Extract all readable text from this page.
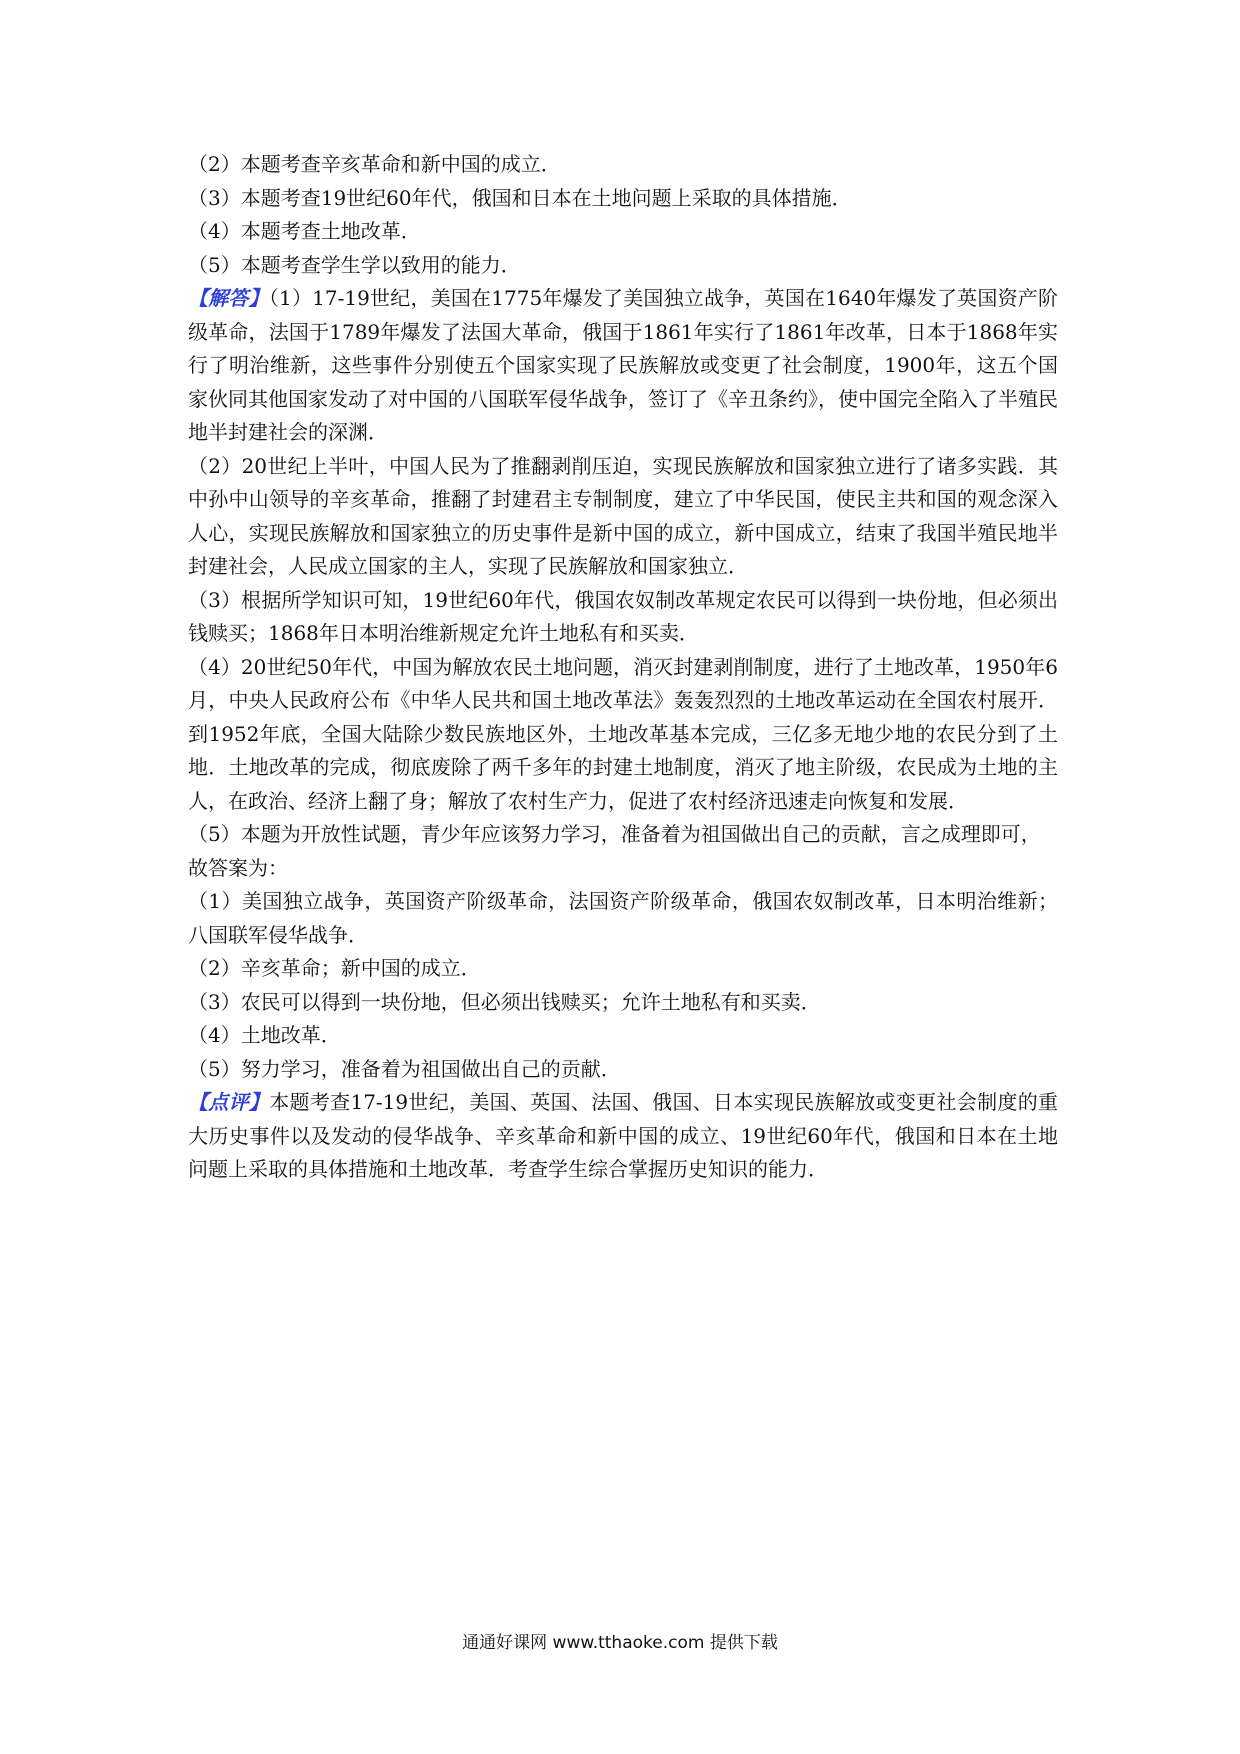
（2）本题考查辛亥革命和新中国的成立．

（3）本题考查19世纪60年代，俄国和日本在土地问题上采取的具体措施．

（4）本题考查土地改革．

（5）本题考查学生学以致用的能力．

【解答】（1）17-19世纪，美国在1775年爆发了美国独立战争，英国在1640年爆发了英国资产阶级革命，法国于1789年爆发了法国大革命，俄国于1861年实行了1861年改革，日本于1868年实行了明治维新，这些事件分别使五个国家实现了民族解放或变更了社会制度，1900年，这五个国家伙同其他国家发动了对中国的八国联军侵华战争，签订了《辛丑条约》，使中国完全陷入了半殖民地半封建社会的深渊．

（2）20世纪上半叶，中国人民为了推翻剥削压迫，实现民族解放和国家独立进行了诸多实践．其中孙中山领导的辛亥革命，推翻了封建君主专制制度，建立了中华民国，使民主共和国的观念深入人心，实现民族解放和国家独立的历史事件是新中国的成立，新中国成立，结束了我国半殖民地半封建社会，人民成立国家的主人，实现了民族解放和国家独立．

（3）根据所学知识可知，19世纪60年代，俄国农奴制改革规定农民可以得到一块份地，但必须出钱赎买；1868年日本明治维新规定允许土地私有和买卖．

（4）20世纪50年代，中国为解放农民土地问题，消灭封建剥削制度，进行了土地改革，1950年6月，中央人民政府公布《中华人民共和国土地改革法》轰轰烈烈的土地改革运动在全国农村展开．到1952年底，全国大陆除少数民族地区外，土地改革基本完成，三亿多无地少地的农民分到了土地．土地改革的完成，彻底废除了两千多年的封建土地制度，消灭了地主阶级，农民成为土地的主人，在政治、经济上翻了身；解放了农村生产力，促进了农村经济迅速走向恢复和发展．

（5）本题为开放性试题，青少年应该努力学习，准备着为祖国做出自己的贡献，言之成理即可，

故答案为：

（1）美国独立战争，英国资产阶级革命，法国资产阶级革命，俄国农奴制改革，日本明治维新；八国联军侵华战争．

（2）辛亥革命；新中国的成立．

（3）农民可以得到一块份地，但必须出钱赎买；允许土地私有和买卖．

（4）土地改革．

（5）努力学习，准备着为祖国做出自己的贡献．

【点评】本题考查17-19世纪，美国、英国、法国、俄国、日本实现民族解放或变更社会制度的重大历史事件以及发动的侵华战争、辛亥革命和新中国的成立、19世纪60年代，俄国和日本在土地问题上采取的具体措施和土地改革．考查学生综合掌握历史知识的能力．

通通好课网 www.tthaoke.com 提供下载
